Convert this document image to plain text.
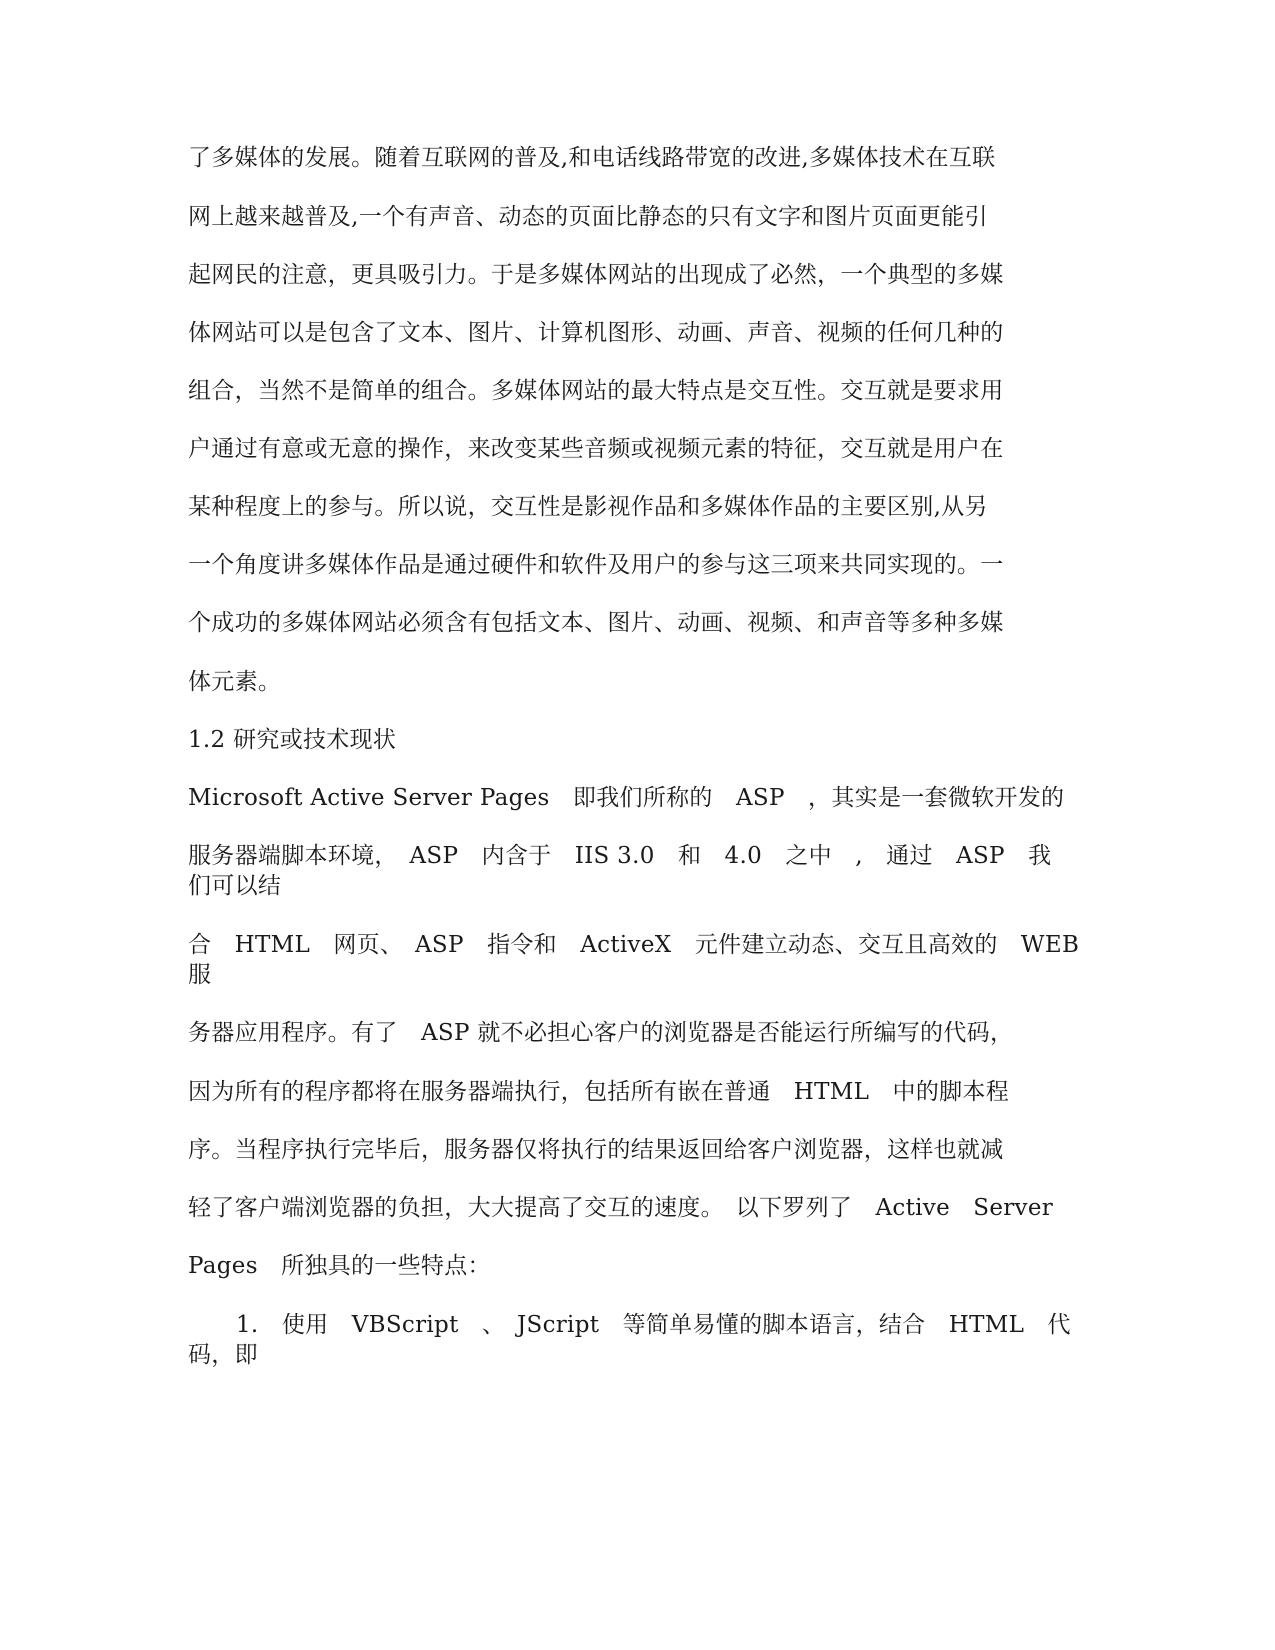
了多媒体的发展。随着互联网的普及,和电话线路带宽的改进,多媒体技术在互联

网上越来越普及,一个有声音、动态的页面比静态的只有文字和图片页面更能引

起网民的注意，更具吸引力。于是多媒体网站的出现成了必然，一个典型的多媒

体网站可以是包含了文本、图片、计算机图形、动画、声音、视频的任何几种的

组合，当然不是简单的组合。多媒体网站的最大特点是交互性。交互就是要求用

户通过有意或无意的操作，来改变某些音频或视频元素的特征，交互就是用户在

某种程度上的参与。所以说，交互性是影视作品和多媒体作品的主要区别,从另

一个角度讲多媒体作品是通过硬件和软件及用户的参与这三项来共同实现的。一

个成功的多媒体网站必须含有包括文本、图片、动画、视频、和声音等多种多媒

体元素。

1.2 研究或技术现状

Microsoft Active Server Pages　即我们所称的　ASP　，其实是一套微软开发的

服务器端脚本环境，　ASP　内含于　IIS 3.0　和　4.0　之中　,　通过　ASP　我

们可以结

合　HTML　网页、　ASP　指令和　ActiveX　元件建立动态、交互且高效的　WEB

服

务器应用程序。有了　ASP 就不必担心客户的浏览器是否能运行所编写的代码，

因为所有的程序都将在服务器端执行，包括所有嵌在普通　HTML　中的脚本程

序。当程序执行完毕后，服务器仅将执行的结果返回给客户浏览器，这样也就减

轻了客户端浏览器的负担，大大提高了交互的速度。　以下罗列了　Active　Server

Pages　所独具的一些特点：

1.　使用　VBScript　、　JScript　等简单易懂的脚本语言，结合　HTML　代

码，即
